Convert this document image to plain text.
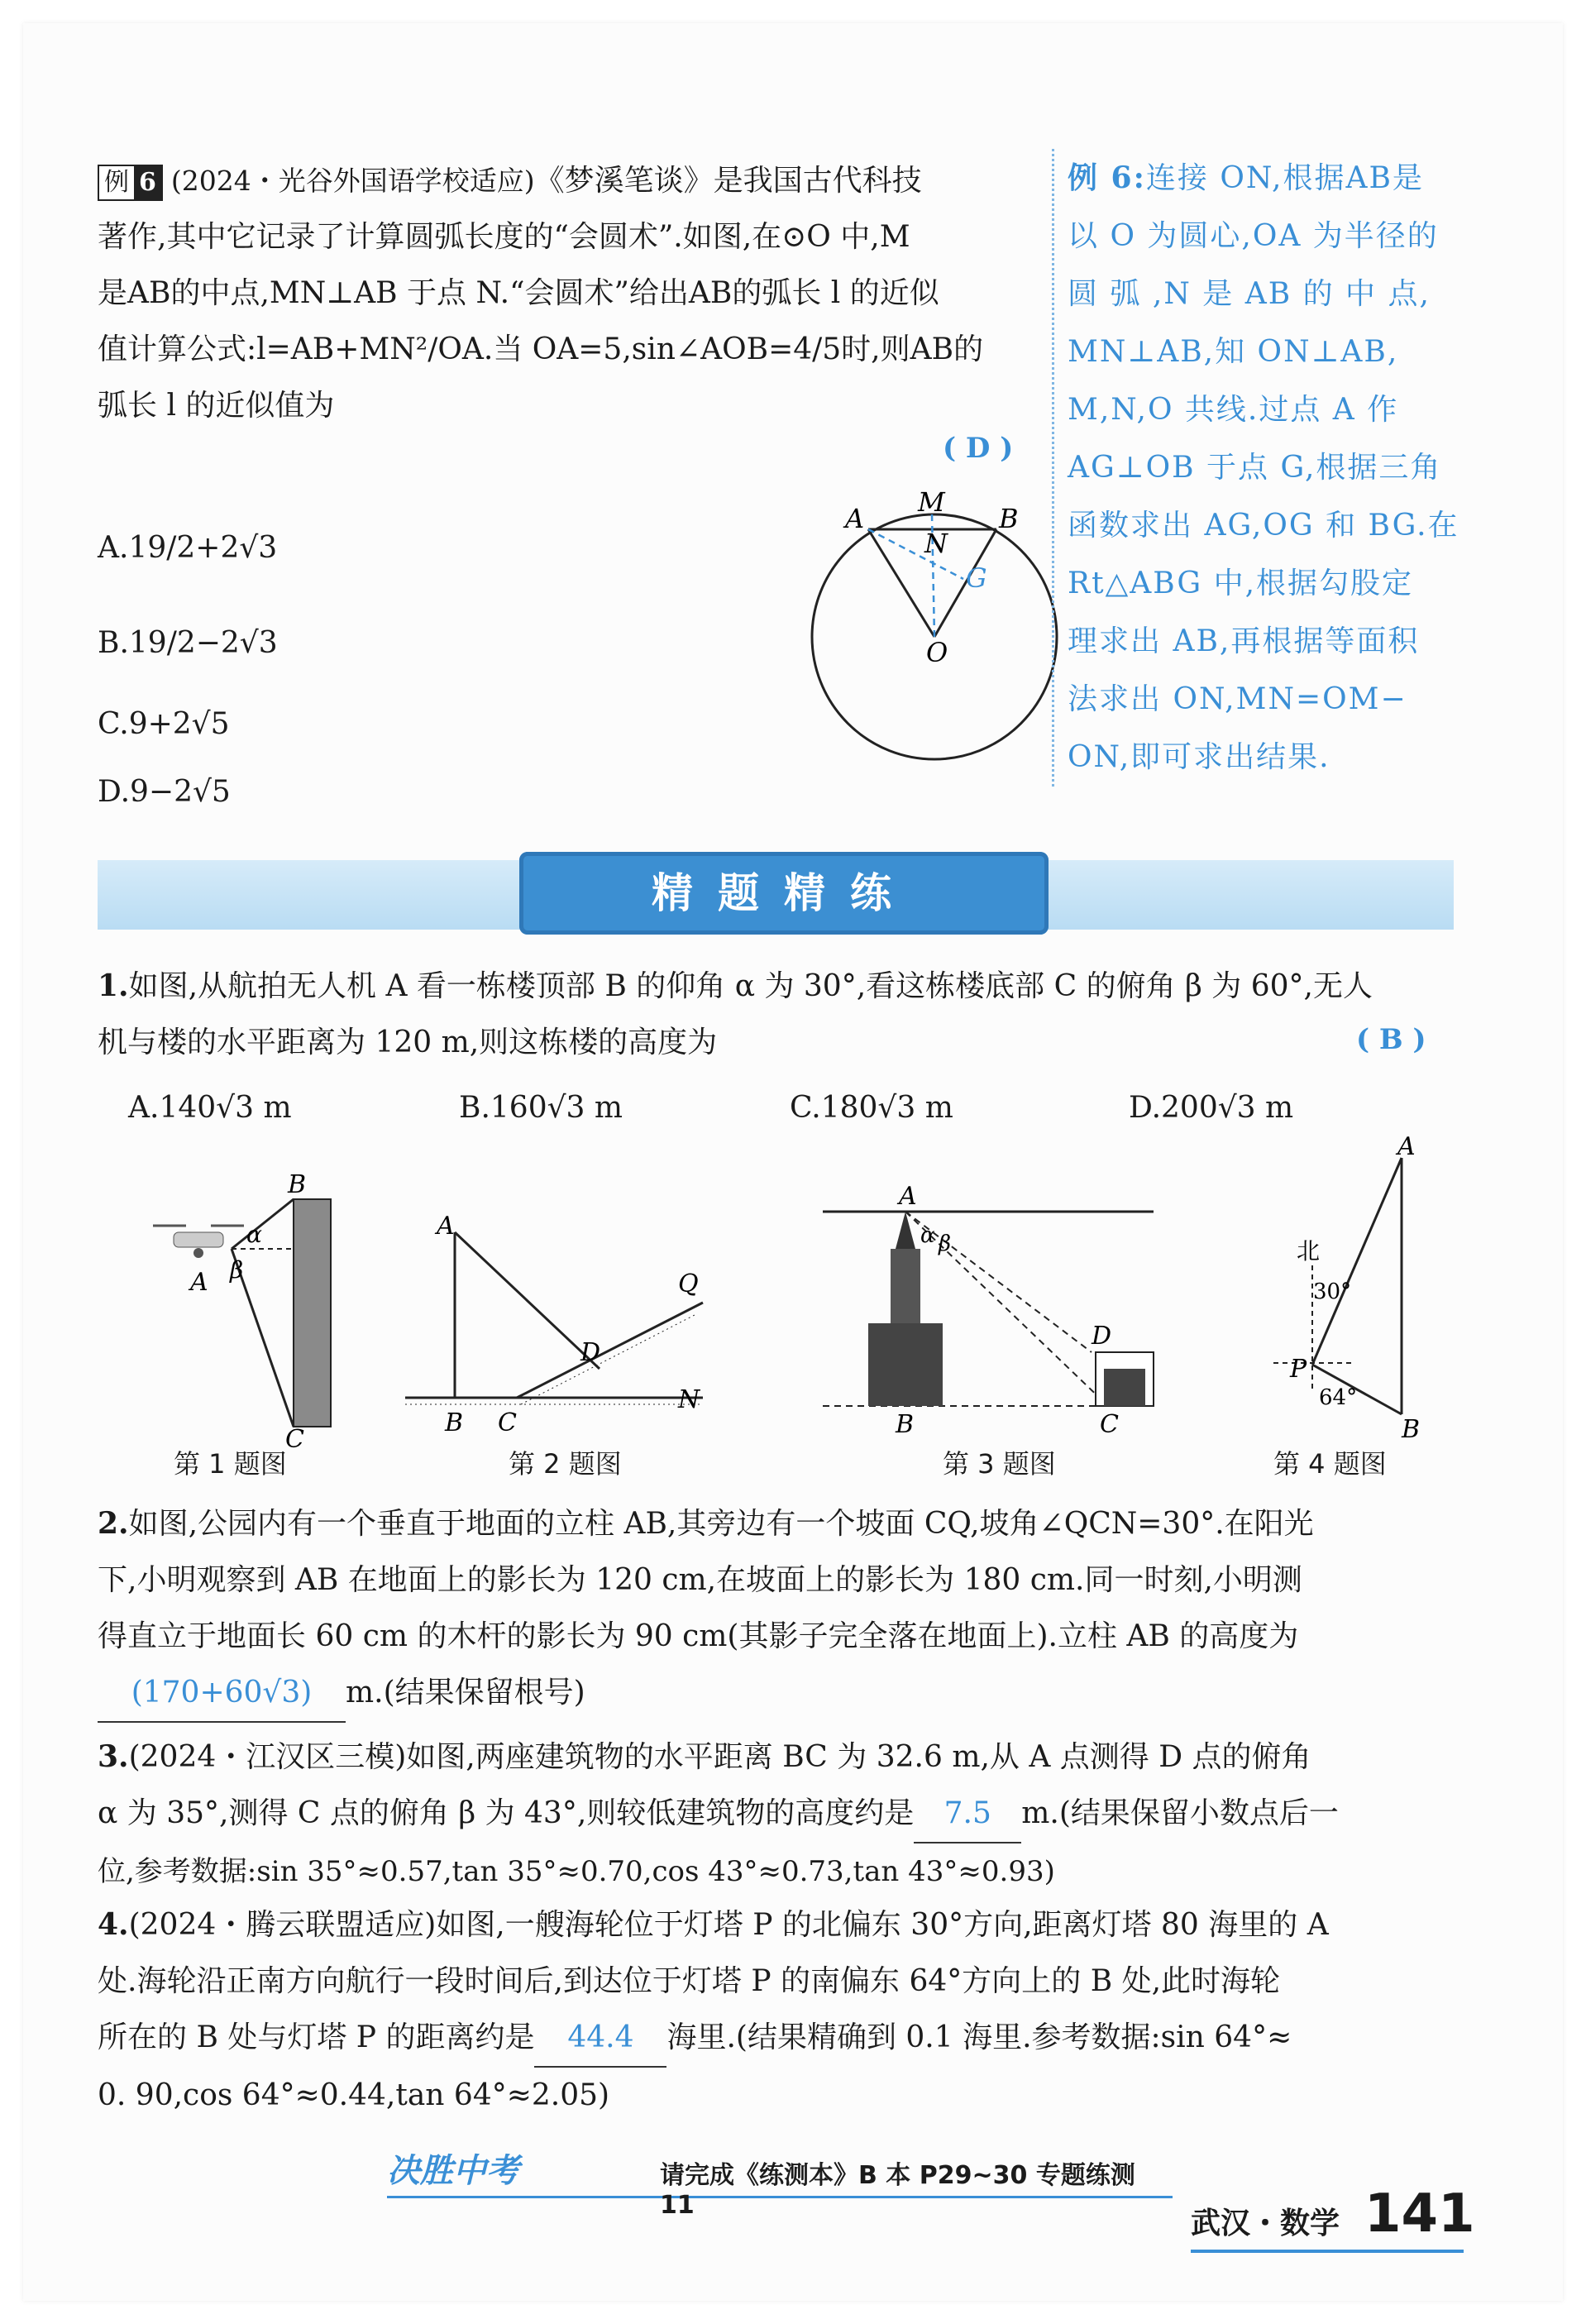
例 6 (2024・光谷外国语学校适应)《梦溪笔谈》是我国古代科技
著作,其中它记录了计算圆弧长度的“会圆术”.如图,在⊙O 中,M
是AB的中点,MN⊥AB 于点 N.“会圆术”给出AB的弧长 l 的近似
值计算公式:l=AB+MN²/OA.当 OA=5,sin∠AOB=4/5时,则AB的
弧长 l 的近似值为
( D )
A.19/2+2√3
B.19/2−2√3
C.9+2√5
D.9−2√5
A
M
B
N
G
O
例 6:连接 ON,根据AB是
以 O 为圆心,OA 为半径的
圆 弧 ,N 是 AB 的 中 点,
MN⊥AB,知 ON⊥AB,
M,N,O 共线.过点 A 作
AG⊥OB 于点 G,根据三角
函数求出 AG,OG 和 BG.在
Rt△ABG 中,根据勾股定
理求出 AB,再根据等面积
法求出 ON,MN=OM−
ON,即可求出结果.
精题精练
1.如图,从航拍无人机 A 看一栋楼顶部 B 的仰角 α 为 30°,看这栋楼底部 C 的俯角 β 为 60°,无人
机与楼的水平距离为 120 m,则这栋楼的高度为	( B )
A.140√3 m	B.160√3 m	C.180√3 m	D.200√3 m
B
α
β
A
C
A
Q
D
B C
N
A
α β
D
B	C
A
北
30°
P
64°
B
第 1 题图	第 2 题图	第 3 题图	第 4 题图
2.如图,公园内有一个垂直于地面的立柱 AB,其旁边有一个坡面 CQ,坡角∠QCN=30°.在阳光
下,小明观察到 AB 在地面上的影长为 120 cm,在坡面上的影长为 180 cm.同一时刻,小明测
得直立于地面长 60 cm 的木杆的影长为 90 cm(其影子完全落在地面上).立柱 AB 的高度为
(170+60√3) m.(结果保留根号)
3.(2024・江汉区三模)如图,两座建筑物的水平距离 BC 为 32.6 m,从 A 点测得 D 点的俯角
α 为 35°,测得 C 点的俯角 β 为 43°,则较低建筑物的高度约是 7.5 m.(结果保留小数点后一
位,参考数据:sin 35°≈0.57,tan 35°≈0.70,cos 43°≈0.73,tan 43°≈0.93)
4.(2024・腾云联盟适应)如图,一艘海轮位于灯塔 P 的北偏东 30°方向,距离灯塔 80 海里的 A
处.海轮沿正南方向航行一段时间后,到达位于灯塔 P 的南偏东 64°方向上的 B 处,此时海轮
所在的 B 处与灯塔 P 的距离约是 44.4 海里.(结果精确到 0.1 海里.参考数据:sin 64°≈
0. 90,cos 64°≈0.44,tan 64°≈2.05)
决胜中考	请完成《练测本》B 本 P29~30 专题练测 11
武汉・数学 141
